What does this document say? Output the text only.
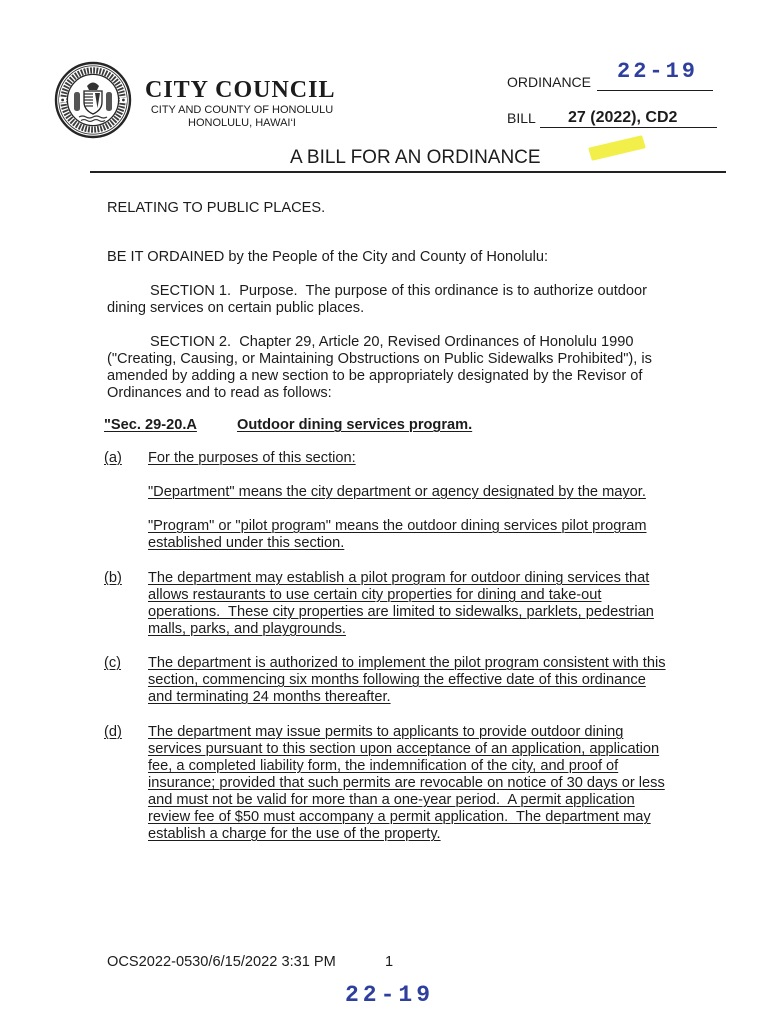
CITY COUNCIL
CITY AND COUNTY OF HONOLULU
HONOLULU, HAWAI‘I
ORDINANCE 22-19
BILL	27 (2022), CD2
A BILL FOR AN ORDINANCE
RELATING TO PUBLIC PLACES.
BE IT ORDAINED by the People of the City and County of Honolulu:
SECTION 1.  Purpose.  The purpose of this ordinance is to authorize outdoor
dining services on certain public places.
SECTION 2.  Chapter 29, Article 20, Revised Ordinances of Honolulu 1990
("Creating, Causing, or Maintaining Obstructions on Public Sidewalks Prohibited"), is
amended by adding a new section to be appropriately designated by the Revisor of
Ordinances and to read as follows:
"Sec. 29-20.A	Outdoor dining services program.
(a) For the purposes of this section:
"Department" means the city department or agency designated by the mayor.
"Program" or "pilot program" means the outdoor dining services pilot program
established under this section.
(b) The department may establish a pilot program for outdoor dining services that
allows restaurants to use certain city properties for dining and take-out
operations.  These city properties are limited to sidewalks, parklets, pedestrian
malls, parks, and playgrounds.
(c) The department is authorized to implement the pilot program consistent with this
section, commencing six months following the effective date of this ordinance
and terminating 24 months thereafter.
(d) The department may issue permits to applicants to provide outdoor dining
services pursuant to this section upon acceptance of an application, application
fee, a completed liability form, the indemnification of the city, and proof of
insurance; provided that such permits are revocable on notice of 30 days or less
and must not be valid for more than a one-year period.  A permit application
review fee of $50 must accompany a permit application.  The department may
establish a charge for the use of the property.
OCS2022-0530/6/15/2022 3:31 PM	1
22-19
